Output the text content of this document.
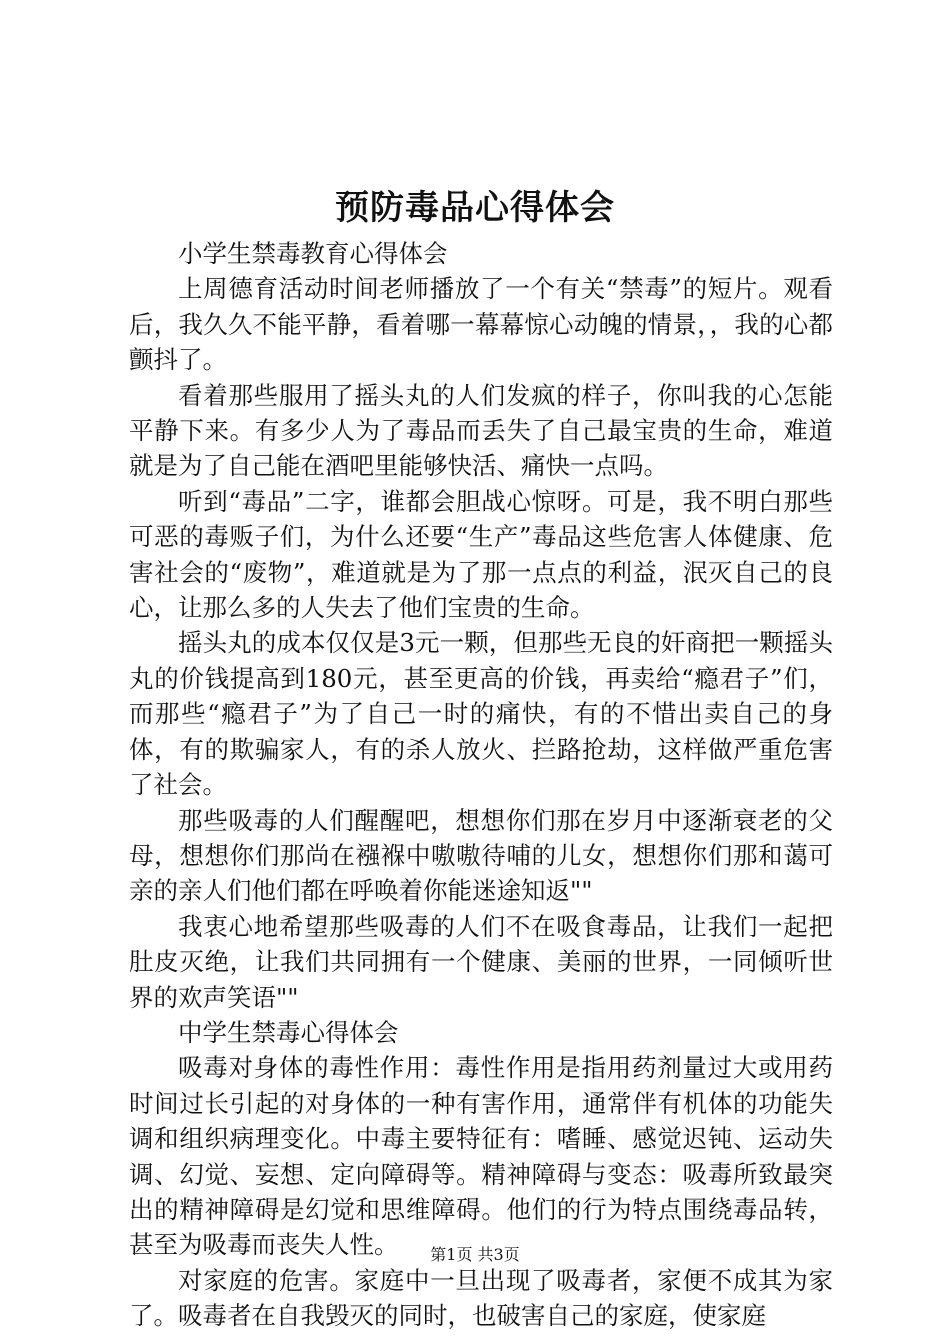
预防毒品心得体会

小学生禁毒教育心得体会

上周德育活动时间老师播放了一个有关“禁毒”的短片。观看后，我久久不能平静，看着哪一幕幕惊心动魄的情景，，我的心都颤抖了。

看着那些服用了摇头丸的人们发疯的样子，你叫我的心怎能平静下来。有多少人为了毒品而丢失了自己最宝贵的生命，难道就是为了自己能在酒吧里能够快活、痛快一点吗。

听到“毒品”二字，谁都会胆战心惊呀。可是，我不明白那些可恶的毒贩子们，为什么还要“生产”毒品这些危害人体健康、危害社会的“废物”，难道就是为了那一点点的利益，泯灭自己的良心，让那么多的人失去了他们宝贵的生命。

摇头丸的成本仅仅是3元一颗，但那些无良的奸商把一颗摇头丸的价钱提高到180元，甚至更高的价钱，再卖给“瘾君子”们，而那些“瘾君子”为了自己一时的痛快，有的不惜出卖自己的身体，有的欺骗家人，有的杀人放火、拦路抢劫，这样做严重危害了社会。

那些吸毒的人们醒醒吧，想想你们那在岁月中逐渐衰老的父母，想想你们那尚在襁褓中嗷嗷待哺的儿女，想想你们那和蔼可亲的亲人们他们都在呼唤着你能迷途知返""

我衷心地希望那些吸毒的人们不在吸食毒品，让我们一起把肚皮灭绝，让我们共同拥有一个健康、美丽的世界，一同倾听世界的欢声笑语""

中学生禁毒心得体会

吸毒对身体的毒性作用：毒性作用是指用药剂量过大或用药时间过长引起的对身体的一种有害作用，通常伴有机体的功能失调和组织病理变化。中毒主要特征有：嗜睡、感觉迟钝、运动失调、幻觉、妄想、定向障碍等。精神障碍与变态：吸毒所致最突出的精神障碍是幻觉和思维障碍。他们的行为特点围绕毒品转，甚至为吸毒而丧失人性。

对家庭的危害。家庭中一旦出现了吸毒者，家便不成其为家了。吸毒者在自我毁灭的同时，也破害自己的家庭，使家庭

第1页 共3页
